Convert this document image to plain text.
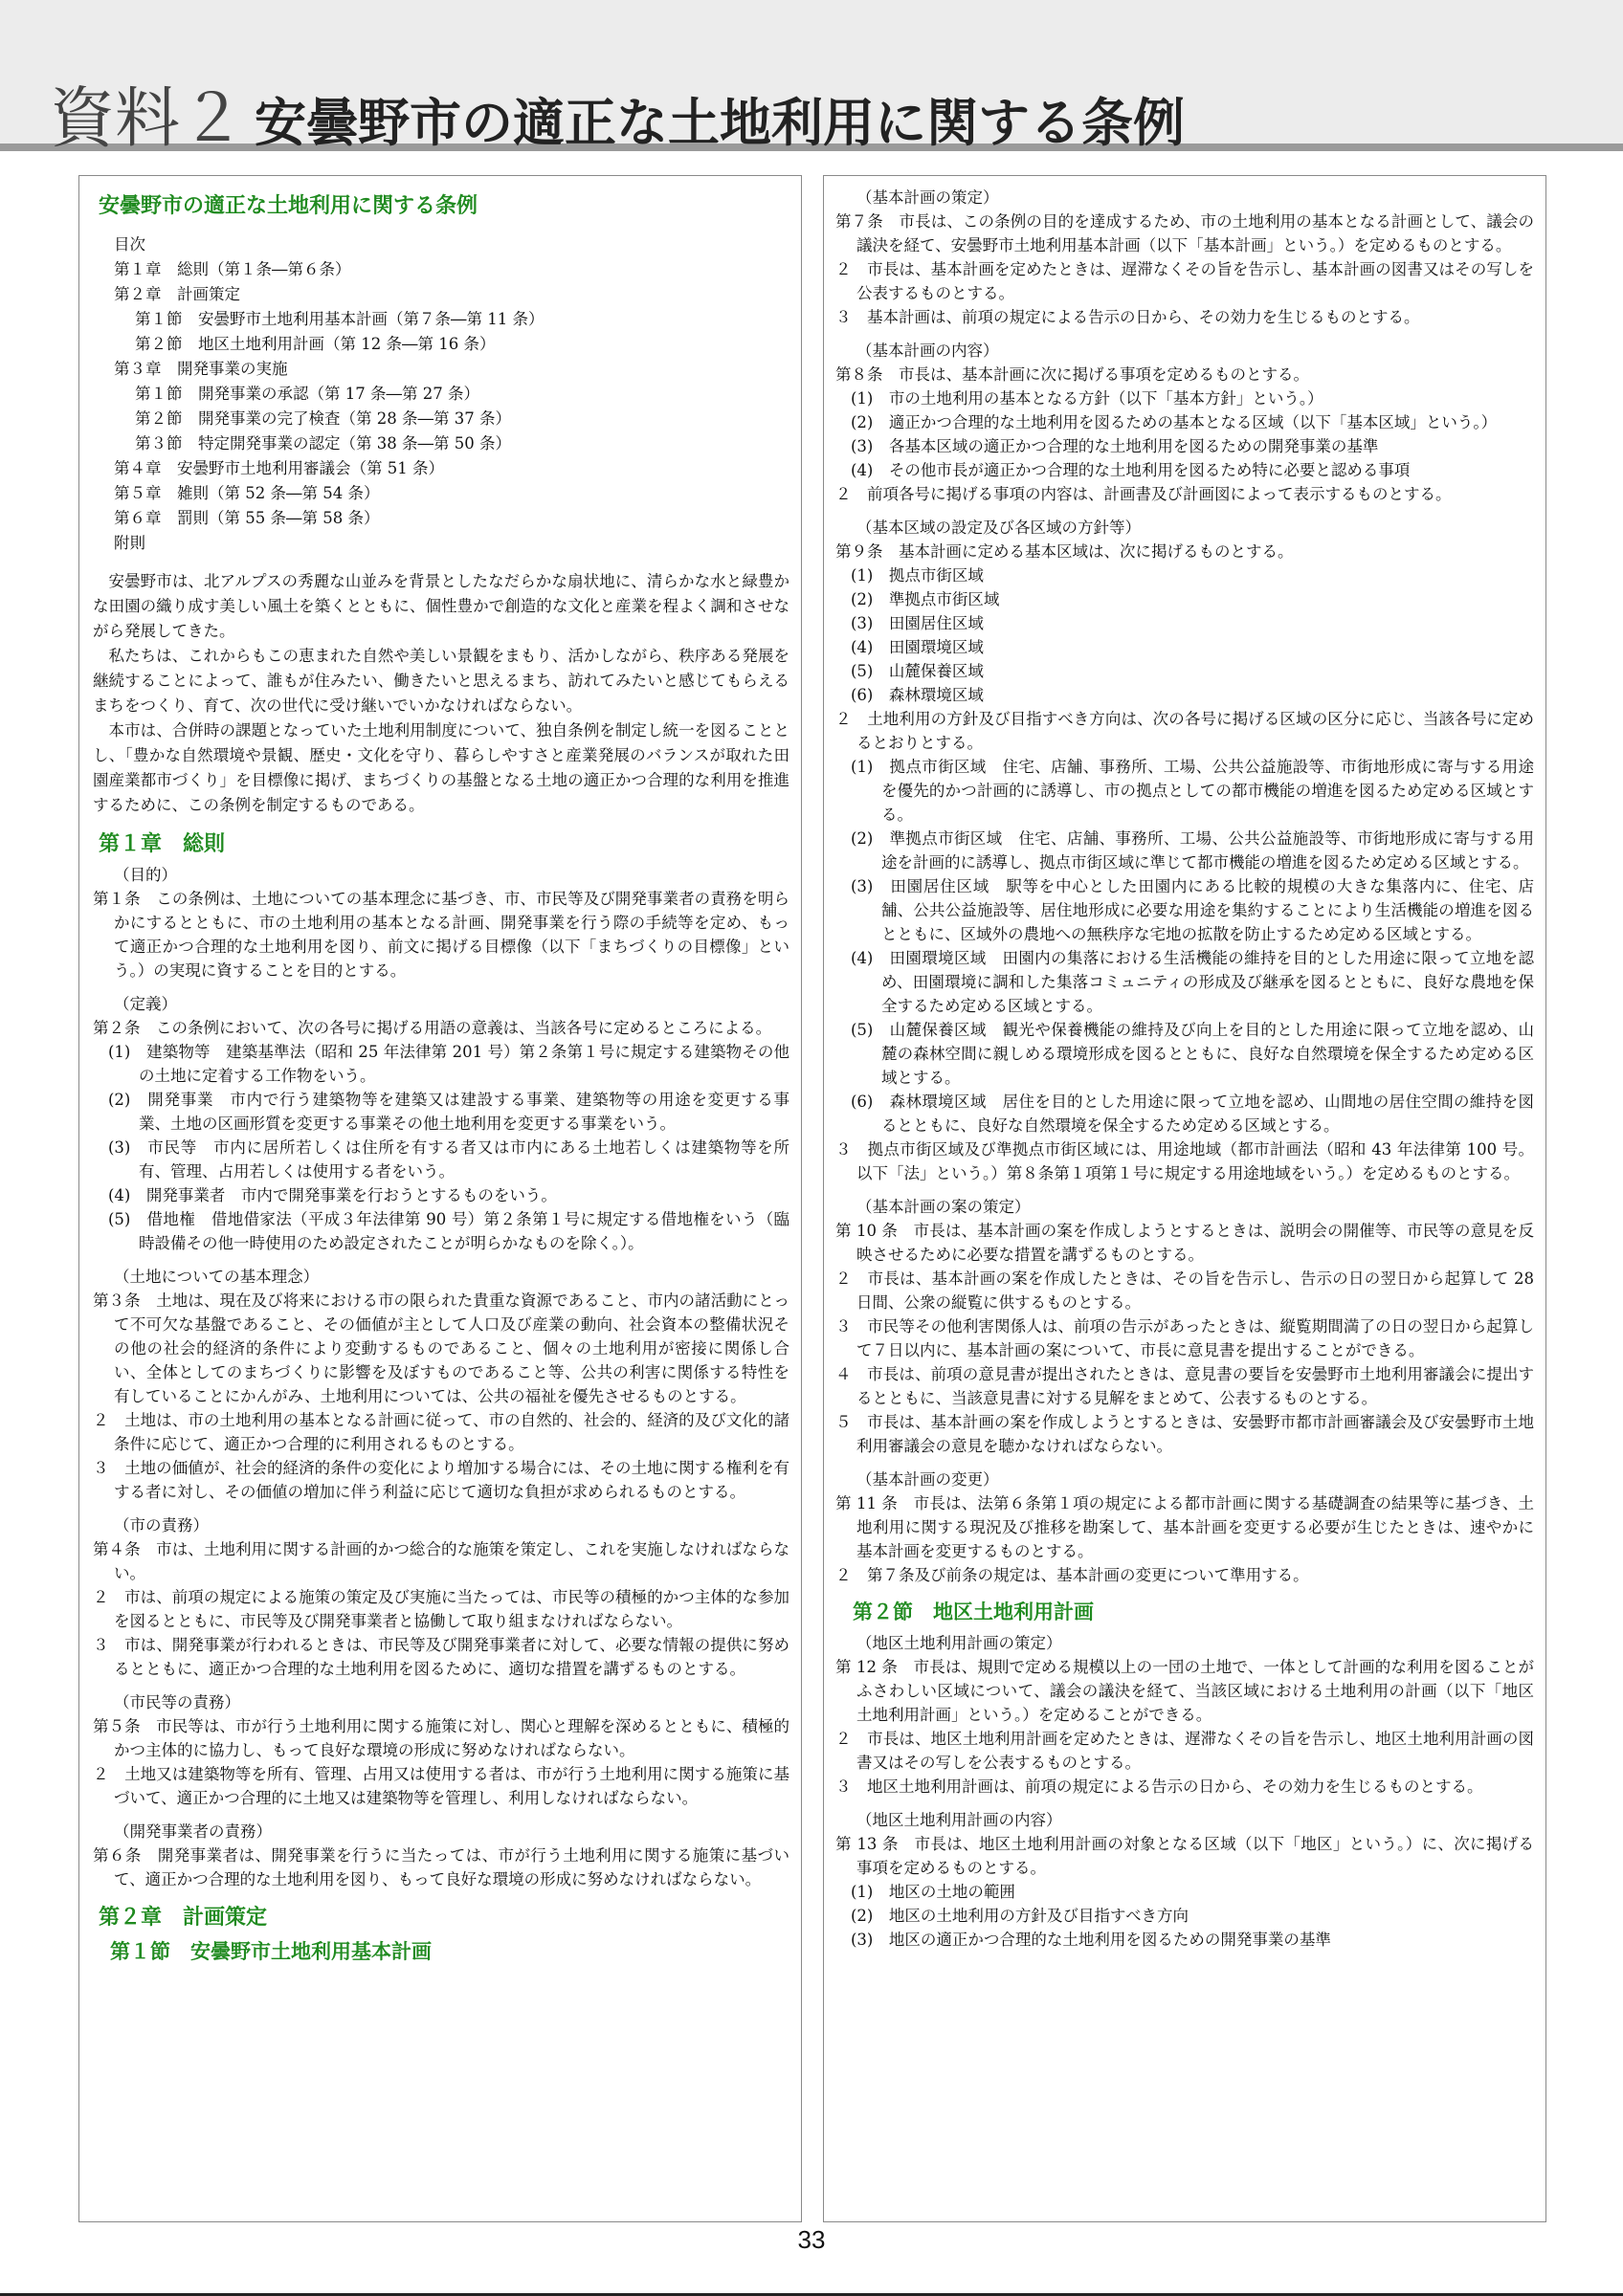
資料２ 安曇野市の適正な土地利用に関する条例
安曇野市の適正な土地利用に関する条例
目次
第１章　総則（第１条―第６条）
第２章　計画策定
第１節　安曇野市土地利用基本計画（第７条―第 11 条）
第２節　地区土地利用計画（第 12 条―第 16 条）
第３章　開発事業の実施
第１節　開発事業の承認（第 17 条―第 27 条）
第２節　開発事業の完了検査（第 28 条―第 37 条）
第３節　特定開発事業の認定（第 38 条―第 50 条）
第４章　安曇野市土地利用審議会（第 51 条）
第５章　雑則（第 52 条―第 54 条）
第６章　罰則（第 55 条―第 58 条）
附則

安曇野市は、北アルプスの秀麗な山並みを背景としたなだらかな扇状地に、清らかな水と緑豊かな田園の織り成す美しい風土を築くとともに、個性豊かで創造的な文化と産業を程よく調和させながら発展してきた。

私たちは、これからもこの恵まれた自然や美しい景観をまもり、活かしながら、秩序ある発展を継続することによって、誰もが住みたい、働きたいと思えるまち、訪れてみたいと感じてもらえるまちをつくり、育て、次の世代に受け継いでいかなければならない。

本市は、合併時の課題となっていた土地利用制度について、独自条例を制定し統一を図ることとし、「豊かな自然環境や景観、歴史・文化を守り、暮らしやすさと産業発展のバランスが取れた田園産業都市づくり」を目標像に掲げ、まちづくりの基盤となる土地の適正かつ合理的な利用を推進するために、この条例を制定するものである。

第１章　総則
（目的）
第１条　この条例は、土地についての基本理念に基づき、市、市民等及び開発事業者の責務を明らかにするとともに、市の土地利用の基本となる計画、開発事業を行う際の手続等を定め、もって適正かつ合理的な土地利用を図り、前文に掲げる目標像（以下「まちづくりの目標像」という。）の実現に資することを目的とする。
（定義）
第２条　この条例において、次の各号に掲げる用語の意義は、当該各号に定めるところによる。
(1)　建築物等　建築基準法（昭和 25 年法律第 201 号）第２条第１号に規定する建築物その他の土地に定着する工作物をいう。
(2)　開発事業　市内で行う建築物等を建築又は建設する事業、建築物等の用途を変更する事業、土地の区画形質を変更する事業その他土地利用を変更する事業をいう。
(3)　市民等　市内に居所若しくは住所を有する者又は市内にある土地若しくは建築物等を所有、管理、占用若しくは使用する者をいう。
(4)　開発事業者　市内で開発事業を行おうとするものをいう。
(5)　借地権　借地借家法（平成３年法律第 90 号）第２条第１号に規定する借地権をいう（臨時設備その他一時使用のため設定されたことが明らかなものを除く。）。
（土地についての基本理念）
第３条　土地は、現在及び将来における市の限られた貴重な資源であること、市内の諸活動にとって不可欠な基盤であること、その価値が主として人口及び産業の動向、社会資本の整備状況その他の社会的経済的条件により変動するものであること、個々の土地利用が密接に関係し合い、全体としてのまちづくりに影響を及ぼすものであること等、公共の利害に関係する特性を有していることにかんがみ、土地利用については、公共の福祉を優先させるものとする。
２　土地は、市の土地利用の基本となる計画に従って、市の自然的、社会的、経済的及び文化的諸条件に応じて、適正かつ合理的に利用されるものとする。
３　土地の価値が、社会的経済的条件の変化により増加する場合には、その土地に関する権利を有する者に対し、その価値の増加に伴う利益に応じて適切な負担が求められるものとする。
（市の責務）
第４条　市は、土地利用に関する計画的かつ総合的な施策を策定し、これを実施しなければならない。
２　市は、前項の規定による施策の策定及び実施に当たっては、市民等の積極的かつ主体的な参加を図るとともに、市民等及び開発事業者と協働して取り組まなければならない。
３　市は、開発事業が行われるときは、市民等及び開発事業者に対して、必要な情報の提供に努めるとともに、適正かつ合理的な土地利用を図るために、適切な措置を講ずるものとする。
（市民等の責務）
第５条　市民等は、市が行う土地利用に関する施策に対し、関心と理解を深めるとともに、積極的かつ主体的に協力し、もって良好な環境の形成に努めなければならない。
２　土地又は建築物等を所有、管理、占用又は使用する者は、市が行う土地利用に関する施策に基づいて、適正かつ合理的に土地又は建築物等を管理し、利用しなければならない。
（開発事業者の責務）
第６条　開発事業者は、開発事業を行うに当たっては、市が行う土地利用に関する施策に基づいて、適正かつ合理的な土地利用を図り、もって良好な環境の形成に努めなければならない。
第２章　計画策定
第１節　安曇野市土地利用基本計画
（基本計画の策定）
第７条　市長は、この条例の目的を達成するため、市の土地利用の基本となる計画として、議会の議決を経て、安曇野市土地利用基本計画（以下「基本計画」という。）を定めるものとする。
２　市長は、基本計画を定めたときは、遅滞なくその旨を告示し、基本計画の図書又はその写しを公表するものとする。
３　基本計画は、前項の規定による告示の日から、その効力を生じるものとする。
（基本計画の内容）
第８条　市長は、基本計画に次に掲げる事項を定めるものとする。
(1)　市の土地利用の基本となる方針（以下「基本方針」という。）
(2)　適正かつ合理的な土地利用を図るための基本となる区域（以下「基本区域」という。）
(3)　各基本区域の適正かつ合理的な土地利用を図るための開発事業の基準
(4)　その他市長が適正かつ合理的な土地利用を図るため特に必要と認める事項
２　前項各号に掲げる事項の内容は、計画書及び計画図によって表示するものとする。
（基本区域の設定及び各区域の方針等）
第９条　基本計画に定める基本区域は、次に掲げるものとする。
(1)　拠点市街区域
(2)　準拠点市街区域
(3)　田園居住区域
(4)　田園環境区域
(5)　山麓保養区域
(6)　森林環境区域
２　土地利用の方針及び目指すべき方向は、次の各号に掲げる区域の区分に応じ、当該各号に定めるとおりとする。
(1)　拠点市街区域　住宅、店舗、事務所、工場、公共公益施設等、市街地形成に寄与する用途を優先的かつ計画的に誘導し、市の拠点としての都市機能の増進を図るため定める区域とする。
(2)　準拠点市街区域　住宅、店舗、事務所、工場、公共公益施設等、市街地形成に寄与する用途を計画的に誘導し、拠点市街区域に準じて都市機能の増進を図るため定める区域とする。
(3)　田園居住区域　駅等を中心とした田園内にある比較的規模の大きな集落内に、住宅、店舗、公共公益施設等、居住地形成に必要な用途を集約することにより生活機能の増進を図るとともに、区域外の農地への無秩序な宅地の拡散を防止するため定める区域とする。
(4)　田園環境区域　田園内の集落における生活機能の維持を目的とした用途に限って立地を認め、田園環境に調和した集落コミュニティの形成及び継承を図るとともに、良好な農地を保全するため定める区域とする。
(5)　山麓保養区域　観光や保養機能の維持及び向上を目的とした用途に限って立地を認め、山麓の森林空間に親しめる環境形成を図るとともに、良好な自然環境を保全するため定める区域とする。
(6)　森林環境区域　居住を目的とした用途に限って立地を認め、山間地の居住空間の維持を図るとともに、良好な自然環境を保全するため定める区域とする。
３　拠点市街区域及び準拠点市街区域には、用途地域（都市計画法（昭和 43 年法律第 100 号。以下「法」という。）第８条第１項第１号に規定する用途地域をいう。）を定めるものとする。
（基本計画の案の策定）
第 10 条　市長は、基本計画の案を作成しようとするときは、説明会の開催等、市民等の意見を反映させるために必要な措置を講ずるものとする。
２　市長は、基本計画の案を作成したときは、その旨を告示し、告示の日の翌日から起算して 28 日間、公衆の縦覧に供するものとする。
３　市民等その他利害関係人は、前項の告示があったときは、縦覧期間満了の日の翌日から起算して７日以内に、基本計画の案について、市長に意見書を提出することができる。
４　市長は、前項の意見書が提出されたときは、意見書の要旨を安曇野市土地利用審議会に提出するとともに、当該意見書に対する見解をまとめて、公表するものとする。
５　市長は、基本計画の案を作成しようとするときは、安曇野市都市計画審議会及び安曇野市土地利用審議会の意見を聴かなければならない。
（基本計画の変更）
第 11 条　市長は、法第６条第１項の規定による都市計画に関する基礎調査の結果等に基づき、土地利用に関する現況及び推移を勘案して、基本計画を変更する必要が生じたときは、速やかに基本計画を変更するものとする。
２　第７条及び前条の規定は、基本計画の変更について準用する。
第２節　地区土地利用計画
（地区土地利用計画の策定）
第 12 条　市長は、規則で定める規模以上の一団の土地で、一体として計画的な利用を図ることがふさわしい区域について、議会の議決を経て、当該区域における土地利用の計画（以下「地区土地利用計画」という。）を定めることができる。
２　市長は、地区土地利用計画を定めたときは、遅滞なくその旨を告示し、地区土地利用計画の図書又はその写しを公表するものとする。
３　地区土地利用計画は、前項の規定による告示の日から、その効力を生じるものとする。
（地区土地利用計画の内容）
第 13 条　市長は、地区土地利用計画の対象となる区域（以下「地区」という。）に、次に掲げる事項を定めるものとする。
(1)　地区の土地の範囲
(2)　地区の土地利用の方針及び目指すべき方向
(3)　地区の適正かつ合理的な土地利用を図るための開発事業の基準
33
